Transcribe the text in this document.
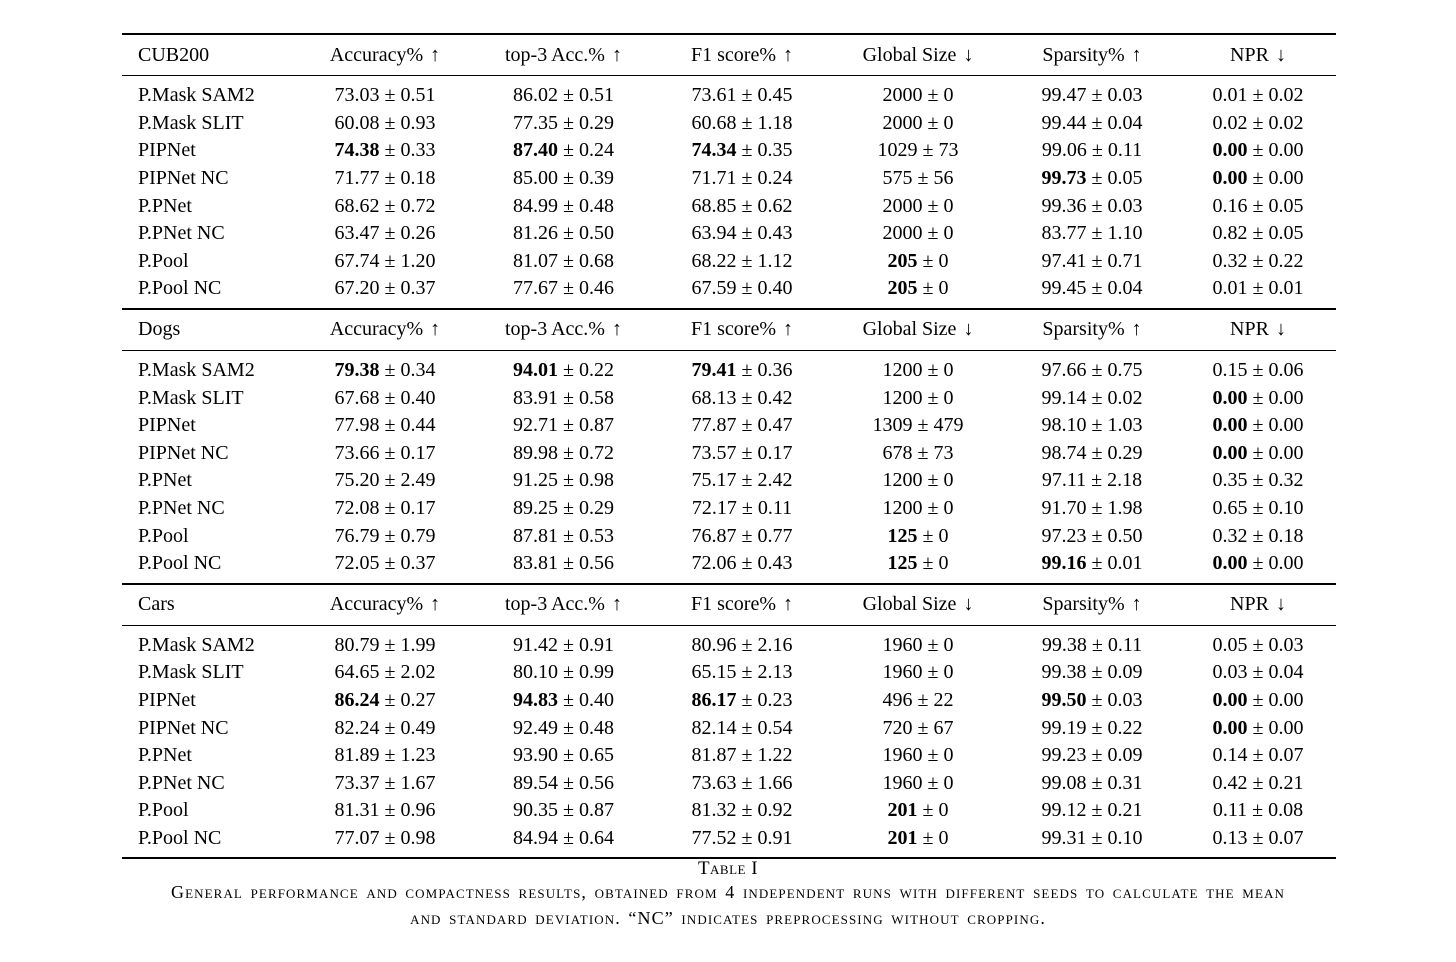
CUB200	Accuracy% ↑	top-3 Acc.% ↑	F1 score% ↑	Global Size ↓	Sparsity% ↑	NPR ↓
P.Mask SAM2	73.03 ± 0.51	86.02 ± 0.51	73.61 ± 0.45	2000 ± 0	99.47 ± 0.03	0.01 ± 0.02
P.Mask SLIT	60.08 ± 0.93	77.35 ± 0.29	60.68 ± 1.18	2000 ± 0	99.44 ± 0.04	0.02 ± 0.02
PIPNet	74.38 ± 0.33	87.40 ± 0.24	74.34 ± 0.35	1029 ± 73	99.06 ± 0.11	0.00 ± 0.00
PIPNet NC	71.77 ± 0.18	85.00 ± 0.39	71.71 ± 0.24	575 ± 56	99.73 ± 0.05	0.00 ± 0.00
P.PNet	68.62 ± 0.72	84.99 ± 0.48	68.85 ± 0.62	2000 ± 0	99.36 ± 0.03	0.16 ± 0.05
P.PNet NC	63.47 ± 0.26	81.26 ± 0.50	63.94 ± 0.43	2000 ± 0	83.77 ± 1.10	0.82 ± 0.05
P.Pool	67.74 ± 1.20	81.07 ± 0.68	68.22 ± 1.12	205 ± 0	97.41 ± 0.71	0.32 ± 0.22
P.Pool NC	67.20 ± 0.37	77.67 ± 0.46	67.59 ± 0.40	205 ± 0	99.45 ± 0.04	0.01 ± 0.01
Dogs	Accuracy% ↑	top-3 Acc.% ↑	F1 score% ↑	Global Size ↓	Sparsity% ↑	NPR ↓
P.Mask SAM2	79.38 ± 0.34	94.01 ± 0.22	79.41 ± 0.36	1200 ± 0	97.66 ± 0.75	0.15 ± 0.06
P.Mask SLIT	67.68 ± 0.40	83.91 ± 0.58	68.13 ± 0.42	1200 ± 0	99.14 ± 0.02	0.00 ± 0.00
PIPNet	77.98 ± 0.44	92.71 ± 0.87	77.87 ± 0.47	1309 ± 479	98.10 ± 1.03	0.00 ± 0.00
PIPNet NC	73.66 ± 0.17	89.98 ± 0.72	73.57 ± 0.17	678 ± 73	98.74 ± 0.29	0.00 ± 0.00
P.PNet	75.20 ± 2.49	91.25 ± 0.98	75.17 ± 2.42	1200 ± 0	97.11 ± 2.18	0.35 ± 0.32
P.PNet NC	72.08 ± 0.17	89.25 ± 0.29	72.17 ± 0.11	1200 ± 0	91.70 ± 1.98	0.65 ± 0.10
P.Pool	76.79 ± 0.79	87.81 ± 0.53	76.87 ± 0.77	125 ± 0	97.23 ± 0.50	0.32 ± 0.18
P.Pool NC	72.05 ± 0.37	83.81 ± 0.56	72.06 ± 0.43	125 ± 0	99.16 ± 0.01	0.00 ± 0.00
Cars	Accuracy% ↑	top-3 Acc.% ↑	F1 score% ↑	Global Size ↓	Sparsity% ↑	NPR ↓
P.Mask SAM2	80.79 ± 1.99	91.42 ± 0.91	80.96 ± 2.16	1960 ± 0	99.38 ± 0.11	0.05 ± 0.03
P.Mask SLIT	64.65 ± 2.02	80.10 ± 0.99	65.15 ± 2.13	1960 ± 0	99.38 ± 0.09	0.03 ± 0.04
PIPNet	86.24 ± 0.27	94.83 ± 0.40	86.17 ± 0.23	496 ± 22	99.50 ± 0.03	0.00 ± 0.00
PIPNet NC	82.24 ± 0.49	92.49 ± 0.48	82.14 ± 0.54	720 ± 67	99.19 ± 0.22	0.00 ± 0.00
P.PNet	81.89 ± 1.23	93.90 ± 0.65	81.87 ± 1.22	1960 ± 0	99.23 ± 0.09	0.14 ± 0.07
P.PNet NC	73.37 ± 1.67	89.54 ± 0.56	73.63 ± 1.66	1960 ± 0	99.08 ± 0.31	0.42 ± 0.21
P.Pool	81.31 ± 0.96	90.35 ± 0.87	81.32 ± 0.92	201 ± 0	99.12 ± 0.21	0.11 ± 0.08
P.Pool NC	77.07 ± 0.98	84.94 ± 0.64	77.52 ± 0.91	201 ± 0	99.31 ± 0.10	0.13 ± 0.07
Table I
General performance and compactness results, obtained from 4 independent runs with different seeds to calculate the mean
and standard deviation. “NC” indicates preprocessing without cropping.
